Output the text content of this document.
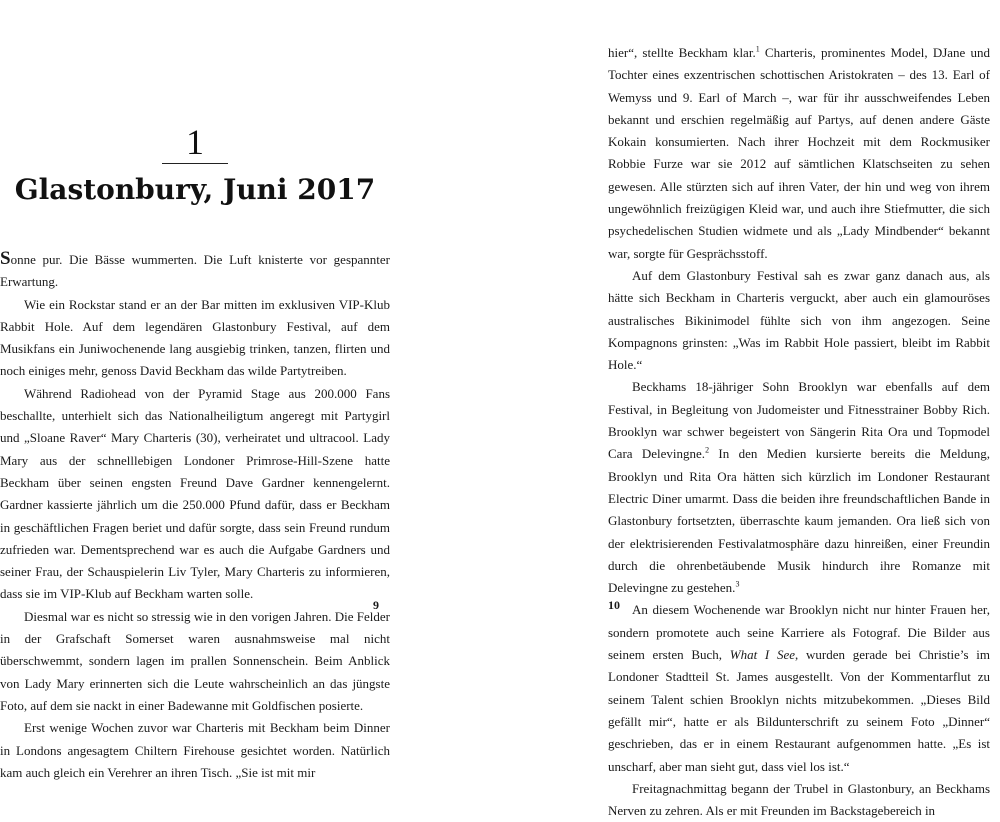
1
Glastonbury, Juni 2017

Sonne pur. Die Bässe wummerten. Die Luft knisterte vor gespannter Erwartung.

Wie ein Rockstar stand er an der Bar mitten im exklusiven VIP-Klub Rabbit Hole. Auf dem legendären Glastonbury Festival, auf dem Musikfans ein Juniwochenende lang ausgiebig trinken, tanzen, flirten und noch einiges mehr, genoss David Beckham das wilde Partytreiben.

Während Radiohead von der Pyramid Stage aus 200.000 Fans beschallte, unterhielt sich das Nationalheiligtum angeregt mit Partygirl und „Sloane Raver“ Mary Charteris (30), verheiratet und ultracool. Lady Mary aus der schnelllebigen Londoner Primrose-Hill-Szene hatte Beckham über seinen engsten Freund Dave Gardner kennengelernt. Gardner kassierte jährlich um die 250.000 Pfund dafür, dass er Beckham in geschäftlichen Fragen beriet und dafür sorgte, dass sein Freund rundum zufrieden war. Dementsprechend war es auch die Aufgabe Gardners und seiner Frau, der Schauspielerin Liv Tyler, Mary Charteris zu informieren, dass sie im VIP-Klub auf Beckham warten solle.

Diesmal war es nicht so stressig wie in den vorigen Jahren. Die Felder in der Grafschaft Somerset waren ausnahmsweise mal nicht überschwemmt, sondern lagen im prallen Sonnenschein. Beim Anblick von Lady Mary erinnerten sich die Leute wahrscheinlich an das jüngste Foto, auf dem sie nackt in einer Badewanne mit Goldfischen posierte.

Erst wenige Wochen zuvor war Charteris mit Beckham beim Dinner in Londons angesagtem Chiltern Firehouse gesichtet worden. Natürlich kam auch gleich ein Verehrer an ihren Tisch. „Sie ist mit mir

9

hier“, stellte Beckham klar.$^1$ Charteris, prominentes Model, DJane und Tochter eines exzentrischen schottischen Aristokraten – des 13. Earl of Wemyss und 9. Earl of March –, war für ihr ausschweifendes Leben bekannt und erschien regelmäßig auf Partys, auf denen andere Gäste Kokain konsumierten. Nach ihrer Hochzeit mit dem Rockmusiker Robbie Furze war sie 2012 auf sämtlichen Klatschseiten zu sehen gewesen. Alle stürzten sich auf ihren Vater, der hin und weg von ihrem ungewöhnlich freizügigen Kleid war, und auch ihre Stiefmutter, die sich psychedelischen Studien widmete und als „Lady Mindbender“ bekannt war, sorgte für Gesprächsstoff.

Auf dem Glastonbury Festival sah es zwar ganz danach aus, als hätte sich Beckham in Charteris verguckt, aber auch ein glamouröses australisches Bikinimodel fühlte sich von ihm angezogen. Seine Kompagnons grinsten: „Was im Rabbit Hole passiert, bleibt im Rabbit Hole.“

Beckhams 18-jähriger Sohn Brooklyn war ebenfalls auf dem Festival, in Begleitung von Judomeister und Fitnesstrainer Bobby Rich. Brooklyn war schwer begeistert von Sängerin Rita Ora und Topmodel Cara Delevingne.$^2$ In den Medien kursierte bereits die Meldung, Brooklyn und Rita Ora hätten sich kürzlich im Londoner Restaurant Electric Diner umarmt. Dass die beiden ihre freundschaftlichen Bande in Glastonbury fortsetzten, überraschte kaum jemanden. Ora ließ sich von der elektrisierenden Festivalatmosphäre dazu hinreißen, einer Freundin durch die ohrenbetäubende Musik hindurch ihre Romanze mit Delevingne zu gestehen.$^3$

An diesem Wochenende war Brooklyn nicht nur hinter Frauen her, sondern promotete auch seine Karriere als Fotograf. Die Bilder aus seinem ersten Buch, What I See, wurden gerade bei Christie’s im Londoner Stadtteil St. James ausgestellt. Von der Kommentarflut zu seinem Talent schien Brooklyn nichts mitzubekommen. „Dieses Bild gefällt mir“, hatte er als Bildunterschrift zu seinem Foto „Dinner“ geschrieben, das er in einem Restaurant aufgenommen hatte. „Es ist unscharf, aber man sieht gut, dass viel los ist.“

Freitagnachmittag begann der Trubel in Glastonbury, an Beckhams Nerven zu zehren. Als er mit Freunden im Backstagebereich in

10
